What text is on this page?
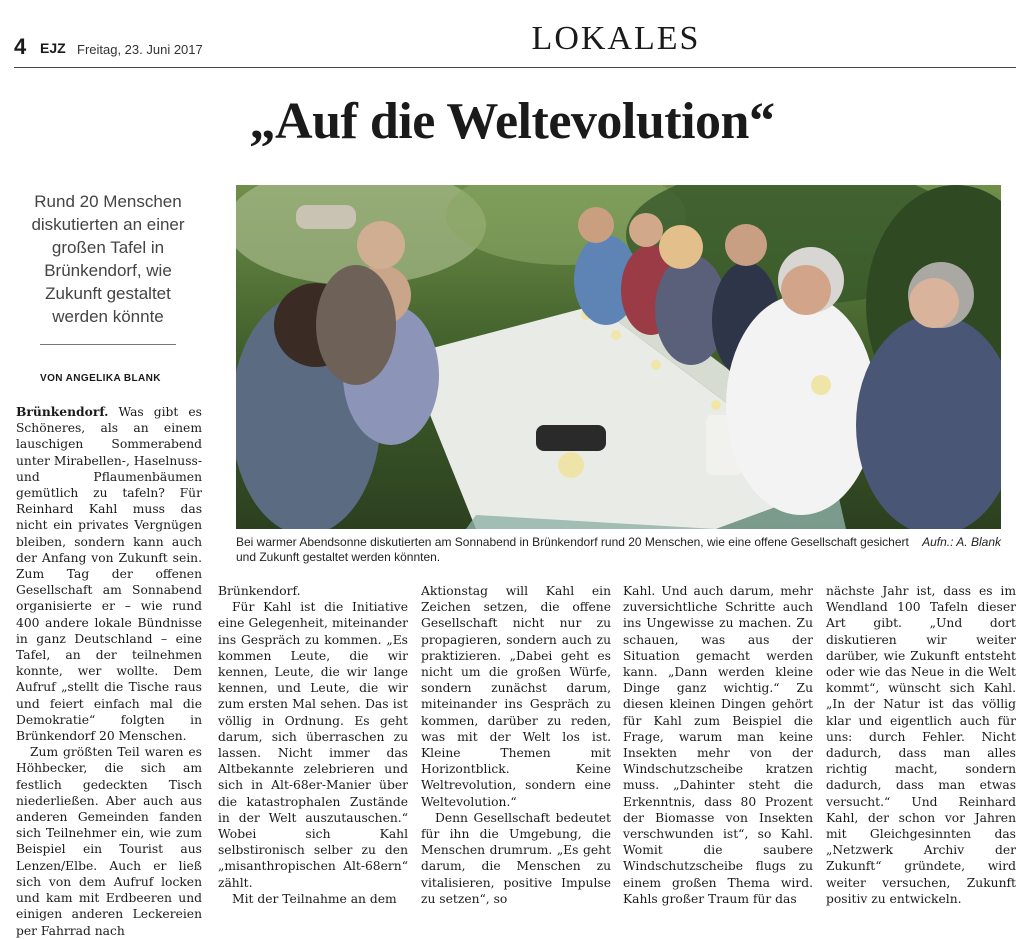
4 EJZ Freitag, 23. Juni 2017	LOKALES
„Auf die Weltevolution“
Rund 20 Menschen diskutierten an einer großen Tafel in Brünkendorf, wie Zukunft gestaltet werden könnte
VON ANGELIKA BLANK
Aufn.: A. Blank
Bei warmer Abendsonne diskutierten am Sonnabend in Brünkendorf rund 20 Menschen, wie eine offene Gesellschaft gesichert und Zukunft gestaltet werden könnten.

Brünkendorf. Was gibt es Schöneres, als an einem lauschigen Sommerabend unter Mirabellen-, Haselnuss- und Pflaumenbäumen gemütlich zu tafeln? Für Reinhard Kahl muss das nicht ein privates Vergnügen bleiben, sondern kann auch der Anfang von Zukunft sein. Zum Tag der offenen Gesellschaft am Sonnabend organisierte er – wie rund 400 andere lokale Bündnisse in ganz Deutschland – eine Tafel, an der teilnehmen konnte, wer wollte. Dem Aufruf „stellt die Tische raus und feiert einfach mal die Demokratie“ folgten in Brünkendorf 20 Menschen.

Zum größten Teil waren es Höhbecker, die sich am festlich gedeckten Tisch niederließen. Aber auch aus anderen Gemeinden fanden sich Teilnehmer ein, wie zum Beispiel ein Tourist aus Lenzen/Elbe. Auch er ließ sich von dem Aufruf locken und kam mit Erdbeeren und einigen anderen Leckereien per Fahrrad nach

Brünkendorf.

Für Kahl ist die Initiative eine Gelegenheit, miteinander ins Gespräch zu kommen. „Es kommen Leute, die wir kennen, Leute, die wir lange kennen, und Leute, die wir zum ersten Mal sehen. Das ist völlig in Ordnung. Es geht darum, sich überraschen zu lassen. Nicht immer das Altbekannte zelebrieren und sich in Alt-68er-Manier über die katastrophalen Zustände in der Welt auszutauschen.“ Wobei sich Kahl selbstironisch selber zu den „misanthropischen Alt-68ern“ zählt.

Mit der Teilnahme an dem

Aktionstag will Kahl ein Zeichen setzen, die offene Gesellschaft nicht nur zu propagieren, sondern auch zu praktizieren. „Dabei geht es nicht um die großen Würfe, sondern zunächst darum, miteinander ins Gespräch zu kommen, darüber zu reden, was mit der Welt los ist. Kleine Themen mit Horizontblick. Keine Weltrevolution, sondern eine Weltevolution.“

Denn Gesellschaft bedeutet für ihn die Umgebung, die Menschen drumrum. „Es geht darum, die Menschen zu vitalisieren, positive Impulse zu setzen“, so

Kahl. Und auch darum, mehr zuversichtliche Schritte auch ins Ungewisse zu machen. Zu schauen, was aus der Situation gemacht werden kann. „Dann werden kleine Dinge ganz wichtig.“ Zu diesen kleinen Dingen gehört für Kahl zum Beispiel die Frage, warum man keine Insekten mehr von der Windschutzscheibe kratzen muss. „Dahinter steht die Erkenntnis, dass 80 Prozent der Biomasse von Insekten verschwunden ist“, so Kahl. Womit die saubere Windschutzscheibe flugs zu einem großen Thema wird. Kahls großer Traum für das

nächste Jahr ist, dass es im Wendland 100 Tafeln dieser Art gibt. „Und dort diskutieren wir weiter darüber, wie Zukunft entsteht oder wie das Neue in die Welt kommt“, wünscht sich Kahl. „In der Natur ist das völlig klar und eigentlich auch für uns: durch Fehler. Nicht dadurch, dass man alles richtig macht, sondern dadurch, dass man etwas versucht.“ Und Reinhard Kahl, der schon vor Jahren mit Gleichgesinnten das „Netzwerk Archiv der Zukunft“ gründete, wird weiter versuchen, Zukunft positiv zu entwickeln.
